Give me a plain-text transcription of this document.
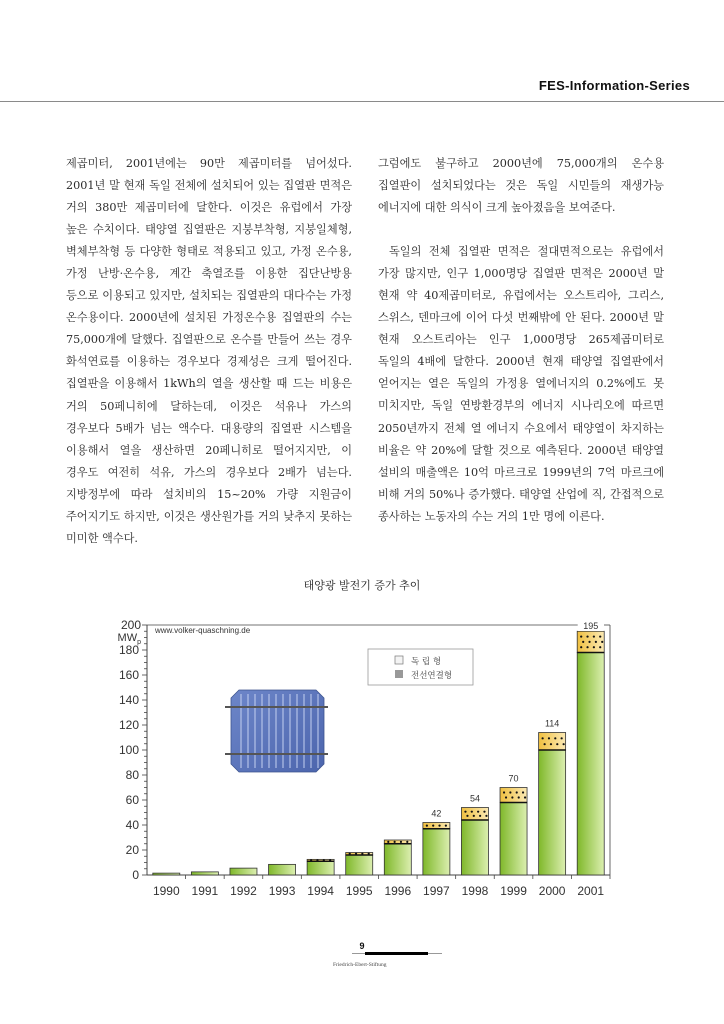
FES-Information-Series

제곱미터, 2001년에는 90만 제곱미터를 넘어섰다. 2001년 말 현재 독일 전체에 설치되어 있는 집열판 면적은 거의 380만 제곱미터에 달한다. 이것은 유럽에서 가장 높은 수치이다. 태양열 집열판은 지붕부착형, 지붕일체형, 벽체부착형 등 다양한 형태로 적용되고 있고, 가정 온수용, 가정 난방·온수용, 계간 축열조를 이용한 집단난방용 등으로 이용되고 있지만, 설치되는 집열판의 대다수는 가정 온수용이다. 2000년에 설치된 가정온수용 집열판의 수는 75,000개에 달했다. 집열판으로 온수를 만들어 쓰는 경우 화석연료를 이용하는 경우보다 경제성은 크게 떨어진다. 집열판을 이용해서 1kWh의 열을 생산할 때 드는 비용은 거의 50페니히에 달하는데, 이것은 석유나 가스의 경우보다 5배가 넘는 액수다. 대용량의 집열판 시스템을 이용해서 열을 생산하면 20페니히로 떨어지지만, 이 경우도 여전히 석유, 가스의 경우보다 2배가 넘는다. 지방정부에 따라 설치비의 15~20% 가량 지원금이 주어지기도 하지만, 이것은 생산원가를 거의 낮추지 못하는 미미한 액수다.

그럼에도 불구하고 2000년에 75,000개의 온수용 집열판이 설치되었다는 것은 독일 시민들의 재생가능 에너지에 대한 의식이 크게 높아졌음을 보여준다.

독일의 전체 집열판 면적은 절대면적으로는 유럽에서 가장 많지만, 인구 1,000명당 집열판 면적은 2000년 말 현재 약 40제곱미터로, 유럽에서는 오스트리아, 그리스, 스위스, 덴마크에 이어 다섯 번째밖에 안 된다. 2000년 말 현재 오스트리아는 인구 1,000명당 265제곱미터로 독일의 4배에 달한다. 2000년 현재 태양열 집열판에서 얻어지는 열은 독일의 가정용 열에너지의 0.2%에도 못 미치지만, 독일 연방환경부의 에너지 시나리오에 따르면 2050년까지 전체 열 에너지 수요에서 태양열이 차지하는 비율은 약 20%에 달할 것으로 예측된다. 2000년 태양열 설비의 매출액은 10억 마르크로 1999년의 7억 마르크에 비해 거의 50%나 증가했다. 태양열 산업에 직, 간접적으로 종사하는 노동자의 수는 거의 1만 명에 이른다.

태양광 발전기 증가 추이
0
20
40
60
80
100
120
140
160
180
1990 1991 1992 1993 1994 1995 1996 1997
42
1998
54
1999
70
2000
114
2001
195
www.volker-quaschning.de
200
$MW_p$
독 립 형
전선연결형
9
Friedrich-Ebert-Stiftung
